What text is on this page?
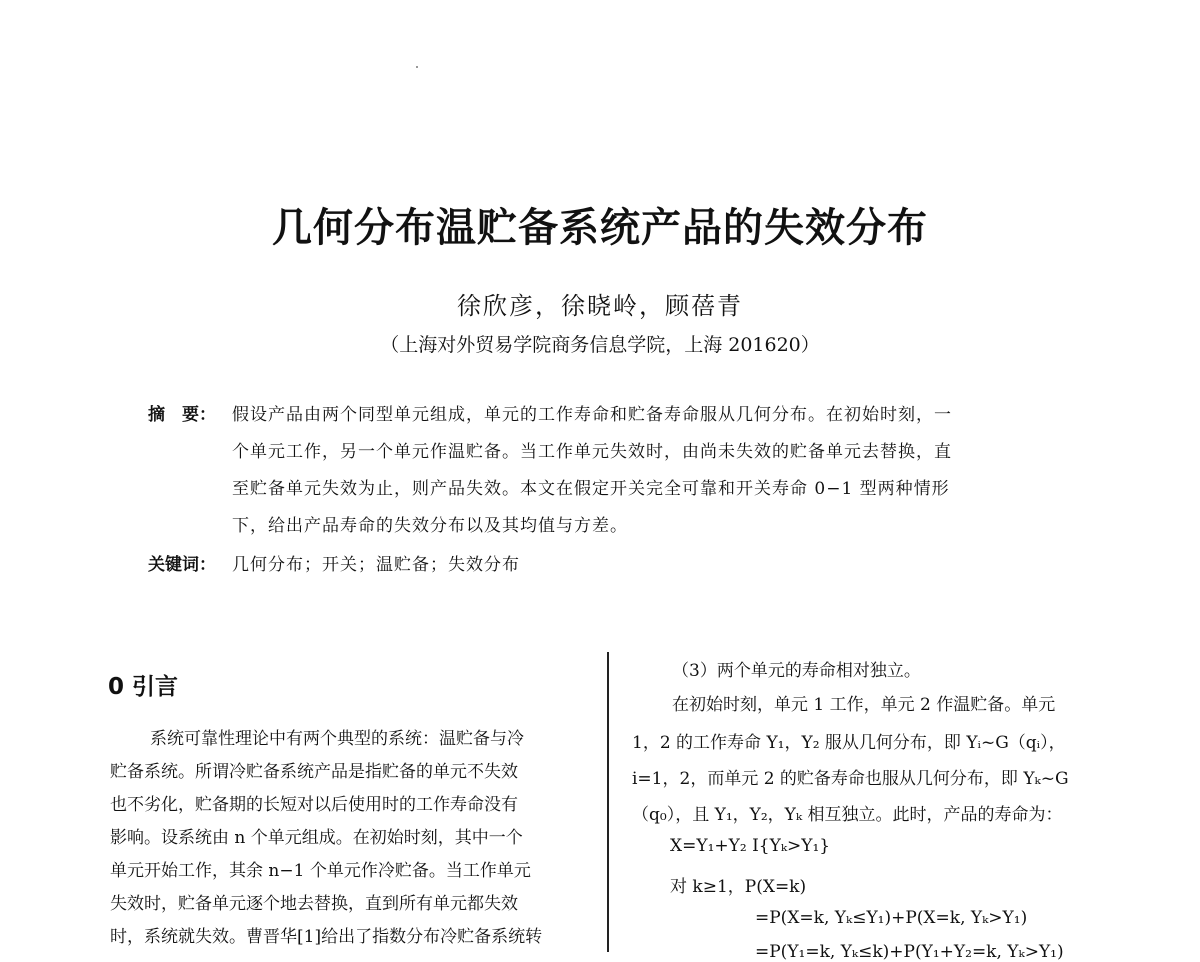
几何分布温贮备系统产品的失效分布
徐欣彦，徐晓岭，顾蓓青
（上海对外贸易学院商务信息学院，上海 201620）
摘　要： 假设产品由两个同型单元组成，单元的工作寿命和贮备寿命服从几何分布。在初始时刻，一
个单元工作，另一个单元作温贮备。当工作单元失效时，由尚未失效的贮备单元去替换，直
至贮备单元失效为止，则产品失效。本文在假定开关完全可靠和开关寿命 0−1 型两种情形
下，给出产品寿命的失效分布以及其均值与方差。
关键词： 几何分布；开关；温贮备；失效分布
0 引言
系统可靠性理论中有两个典型的系统：温贮备与冷
贮备系统。所谓冷贮备系统产品是指贮备的单元不失效
也不劣化，贮备期的长短对以后使用时的工作寿命没有
影响。设系统由 n 个单元组成。在初始时刻，其中一个
单元开始工作，其余 n−1 个单元作冷贮备。当工作单元
失效时，贮备单元逐个地去替换，直到所有单元都失效
时，系统就失效。曹晋华[1]给出了指数分布冷贮备系统转
（3）两个单元的寿命相对独立。
在初始时刻，单元 1 工作，单元 2 作温贮备。单元
1，2 的工作寿命 Y₁，Y₂ 服从几何分布，即 Yᵢ~G（qᵢ），
i=1，2，而单元 2 的贮备寿命也服从几何分布，即 Yₖ~G
（q₀），且 Y₁，Y₂，Yₖ 相互独立。此时，产品的寿命为：
X=Y₁+Y₂ I{Yₖ>Y₁}
对 k≥1，P(X=k)
=P(X=k, Yₖ≤Y₁)+P(X=k, Yₖ>Y₁)
=P(Y₁=k, Yₖ≤k)+P(Y₁+Y₂=k, Yₖ>Y₁)
